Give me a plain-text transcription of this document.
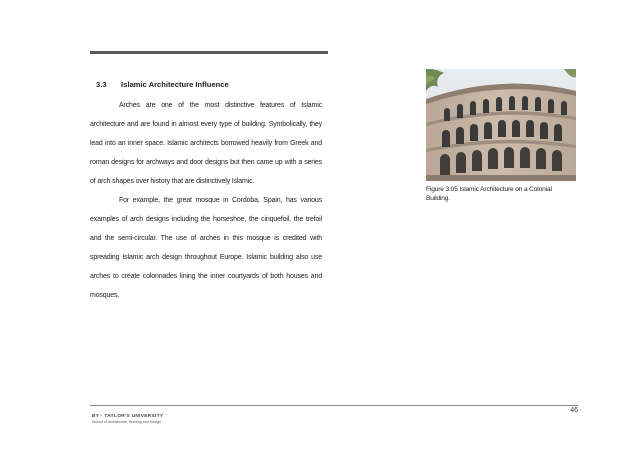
3.3 Islamic Architecture Influence

Arches are one of the most distinctive features of Islamic architecture and are found in almost every type of building. Symbolically, they lead into an inner space. Islamic architects borrowed heavily from Greek and roman designs for archways and door designs but then came up with a series of arch shapes over history that are distinctively Islamic.

For example, the great mosque in Cordoba, Spain, has various examples of arch designs including the horseshoe, the cinquefoil, the trefoil and the semi-circular. The use of arches in this mosque is credited with spreading Islamic arch design throughout Europe. Islamic building also use arches to create colonnades lining the inner courtyards of both houses and mosques.

Figure 3.05 Islamic Architecture on a Colonial Building.
46
BY · TAYLOR'S UNIVERSITY
School of Architecture, Building and Design
